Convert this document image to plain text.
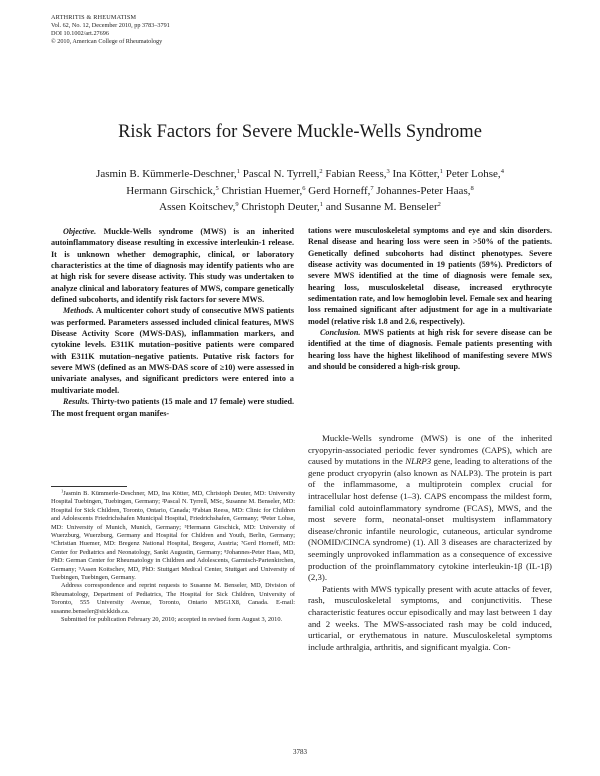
ARTHRITIS & RHEUMATISM
Vol. 62, No. 12, December 2010, pp 3783–3791
DOI 10.1002/art.27696
© 2010, American College of Rheumatology
Risk Factors for Severe Muckle-Wells Syndrome
Jasmin B. Kümmerle-Deschner,$^1$ Pascal N. Tyrrell,$^2$ Fabian Reess,$^3$ Ina Kötter,$^1$ Peter Lohse,$^4$
Hermann Girschick,$^5$ Christian Huemer,$^6$ Gerd Horneff,$^7$ Johannes-Peter Haas,$^8$
Assen Koitschev,$^9$ Christoph Deuter,$^1$ and Susanne M. Benseler$^2$

Objective. Muckle-Wells syndrome (MWS) is an inherited autoinflammatory disease resulting in excessive interleukin-1 release. It is unknown whether demographic, clinical, or laboratory characteristics at the time of diagnosis may identify patients who are at high risk for severe disease activity. This study was undertaken to analyze clinical and laboratory features of MWS, compare genetically defined subcohorts, and identify risk factors for severe MWS.

Methods. A multicenter cohort study of consecutive MWS patients was performed. Parameters assessed included clinical features, MWS Disease Activity Score (MWS-DAS), inflammation markers, and cytokine levels. E311K mutation–positive patients were compared with E311K mutation–negative patients. Putative risk factors for severe MWS (defined as an MWS-DAS score of ≥10) were assessed in univariate analyses, and significant predictors were entered into a multivariate model.

Results. Thirty-two patients (15 male and 17 female) were studied. The most frequent organ manifes-

tations were musculoskeletal symptoms and eye and skin disorders. Renal disease and hearing loss were seen in >50% of the patients. Genetically defined subcohorts had distinct phenotypes. Severe disease activity was documented in 19 patients (59%). Predictors of severe MWS identified at the time of diagnosis were female sex, hearing loss, musculoskeletal disease, increased erythrocyte sedimentation rate, and low hemoglobin level. Female sex and hearing loss remained significant after adjustment for age in a multivariate model (relative risk 1.8 and 2.6, respectively).

Conclusion. MWS patients at high risk for severe disease can be identified at the time of diagnosis. Female patients presenting with hearing loss have the highest likelihood of manifesting severe MWS and should be considered a high-risk group.

Muckle-Wells syndrome (MWS) is one of the inherited cryopyrin-associated periodic fever syndromes (CAPS), which are caused by mutations in the NLRP3 gene, leading to alterations of the gene product cryopyrin (also known as NALP3). The protein is part of the inflammasome, a multiprotein complex crucial for intracellular host defense (1–3). CAPS encompass the mildest form, familial cold autoinflammatory syndrome (FCAS), MWS, and the most severe form, neonatal-onset multisystem inflammatory disease/chronic infantile neurologic, cutaneous, articular syndrome (NOMID/CINCA syndrome) (1). All 3 diseases are characterized by seemingly unprovoked inflammation as a consequence of excessive production of the proinflammatory cytokine interleukin-1β (IL-1β) (2,3).

Patients with MWS typically present with acute attacks of fever, rash, musculoskeletal symptoms, and conjunctivitis. These characteristic features occur episodically and may last between 1 day and 2 weeks. The MWS-associated rash may be cold induced, urticarial, or erythematous in nature. Musculoskeletal symptoms include arthralgia, arthritis, and significant myalgia. Con-

$^1$Jasmin B. Kümmerle-Deschner, MD, Ina Kötter, MD, Christoph Deuter, MD: University Hospital Tuebingen, Tuebingen, Germany; ²Pascal N. Tyrrell, MSc, Susanne M. Benseler, MD: Hospital for Sick Children, Toronto, Ontario, Canada; ³Fabian Reess, MD: Clinic for Children and Adolescents Friedrichshafen Municipal Hospital, Friedrichshafen, Germany; ⁴Peter Lohse, MD: University of Munich, Munich, Germany; ⁵Hermann Girschick, MD: University of Wuerzburg, Wuerzburg, Germany and Hospital for Children and Youth, Berlin, Germany; ⁶Christian Huemer, MD: Bregenz National Hospital, Bregenz, Austria; ⁷Gerd Horneff, MD: Center for Pediatrics and Neonatology, Sankt Augustin, Germany; ⁸Johannes-Peter Haas, MD, PhD: German Center for Rheumatology in Children and Adolescents, Garmisch-Partenkirchen, Germany; ⁹Assen Koitschev, MD, PhD: Stuttgart Medical Center, Stuttgart and University of Tuebingen, Tuebingen, Germany.

Address correspondence and reprint requests to Susanne M. Benseler, MD, Division of Rheumatology, Department of Pediatrics, The Hospital for Sick Children, University of Toronto, 555 University Avenue, Toronto, Ontario M5G1X8, Canada. E-mail: susanne.benseler@sickkids.ca.

Submitted for publication February 20, 2010; accepted in revised form August 3, 2010.

3783
